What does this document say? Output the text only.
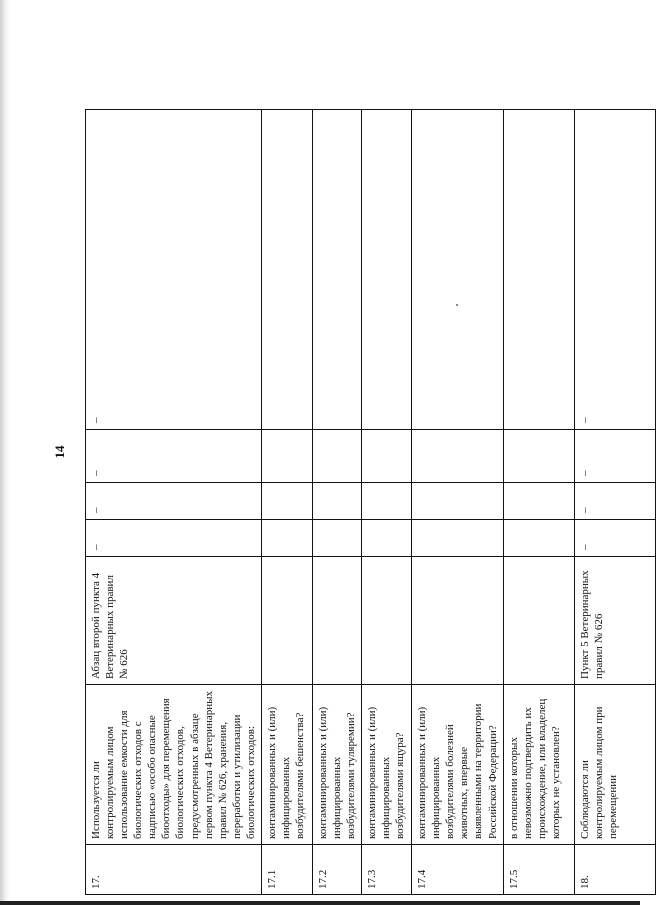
14
17.	Используется ли контролируемым лицом использование емкости для биологических отходов с надписью «особо опасные биоотходы» для перемещения биологических отходов, предусмотренных в абзаце первом пункта 4 Ветеринарных правил № 626, хранения, переработки и утилизации биологических отходов:	Абзац второй пункта 4 Ветеринарных правил № 626	–	–	–	–
17.1	контаминированных и (или) инфицированных возбудителями бешенства?					
17.2	контаминированных и (или) инфицированных возбудителями туляремии?					
17.3	контаминированных и (или) инфицированных возбудителями ящура?					
17.4	контаминированных и (или) инфицированных возбудителями болезней животных, впервые выявленными на территории Российской Федерации?					
17.5	в отношении которых невозможно подтвердить их происхождение, или владелец которых не установлен?					
18.	Соблюдаются ли контролируемым лицом при перемещении	Пункт 5 Ветеринарных правил № 626	–	–	–	–
